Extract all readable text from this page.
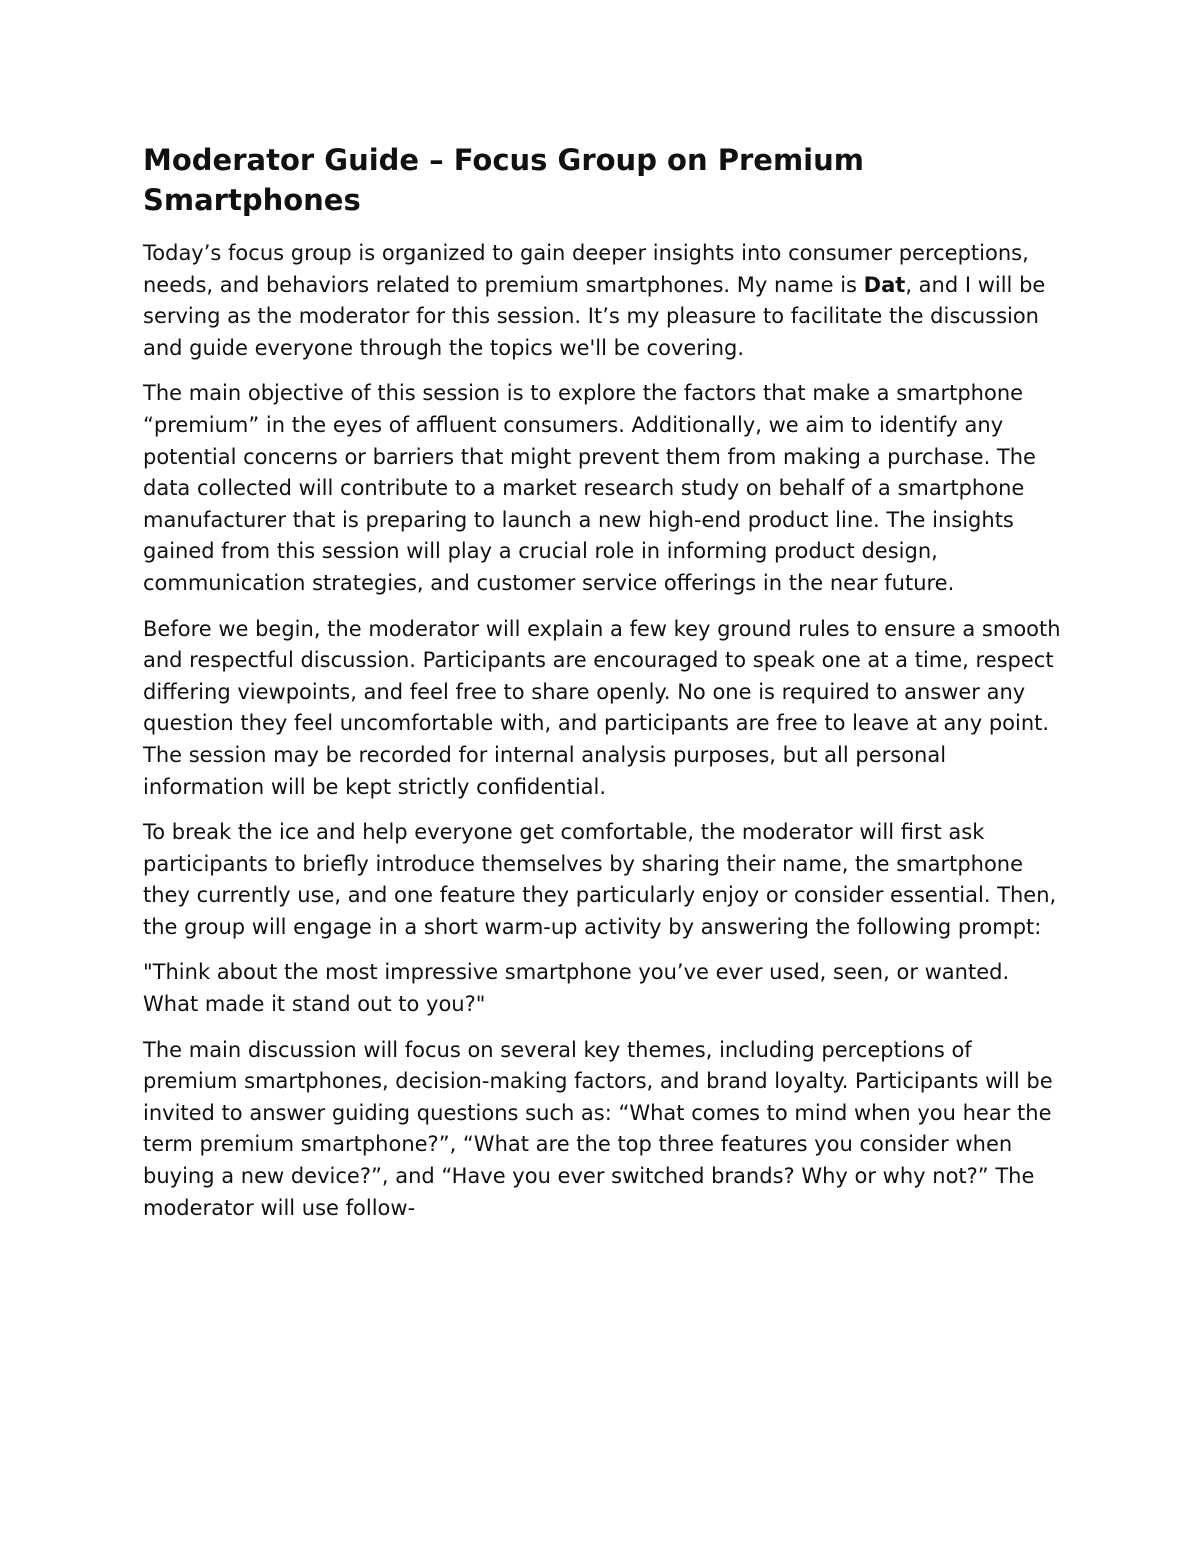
Moderator Guide – Focus Group on Premium Smartphones

Today’s focus group is organized to gain deeper insights into consumer perceptions, needs, and behaviors related to premium smartphones. My name is Dat, and I will be serving as the moderator for this session. It’s my pleasure to facilitate the discussion and guide everyone through the topics we'll be covering.

The main objective of this session is to explore the factors that make a smartphone “premium” in the eyes of affluent consumers. Additionally, we aim to identify any potential concerns or barriers that might prevent them from making a purchase. The data collected will contribute to a market research study on behalf of a smartphone manufacturer that is preparing to launch a new high-end product line. The insights gained from this session will play a crucial role in informing product design, communication strategies, and customer service offerings in the near future.

Before we begin, the moderator will explain a few key ground rules to ensure a smooth and respectful discussion. Participants are encouraged to speak one at a time, respect differing viewpoints, and feel free to share openly. No one is required to answer any question they feel uncomfortable with, and participants are free to leave at any point. The session may be recorded for internal analysis purposes, but all personal information will be kept strictly confidential.

To break the ice and help everyone get comfortable, the moderator will first ask participants to briefly introduce themselves by sharing their name, the smartphone they currently use, and one feature they particularly enjoy or consider essential. Then, the group will engage in a short warm-up activity by answering the following prompt:

"Think about the most impressive smartphone you’ve ever used, seen, or wanted. What made it stand out to you?"

The main discussion will focus on several key themes, including perceptions of premium smartphones, decision-making factors, and brand loyalty. Participants will be invited to answer guiding questions such as: “What comes to mind when you hear the term premium smartphone?”, “What are the top three features you consider when buying a new device?”, and “Have you ever switched brands? Why or why not?” The moderator will use follow-
